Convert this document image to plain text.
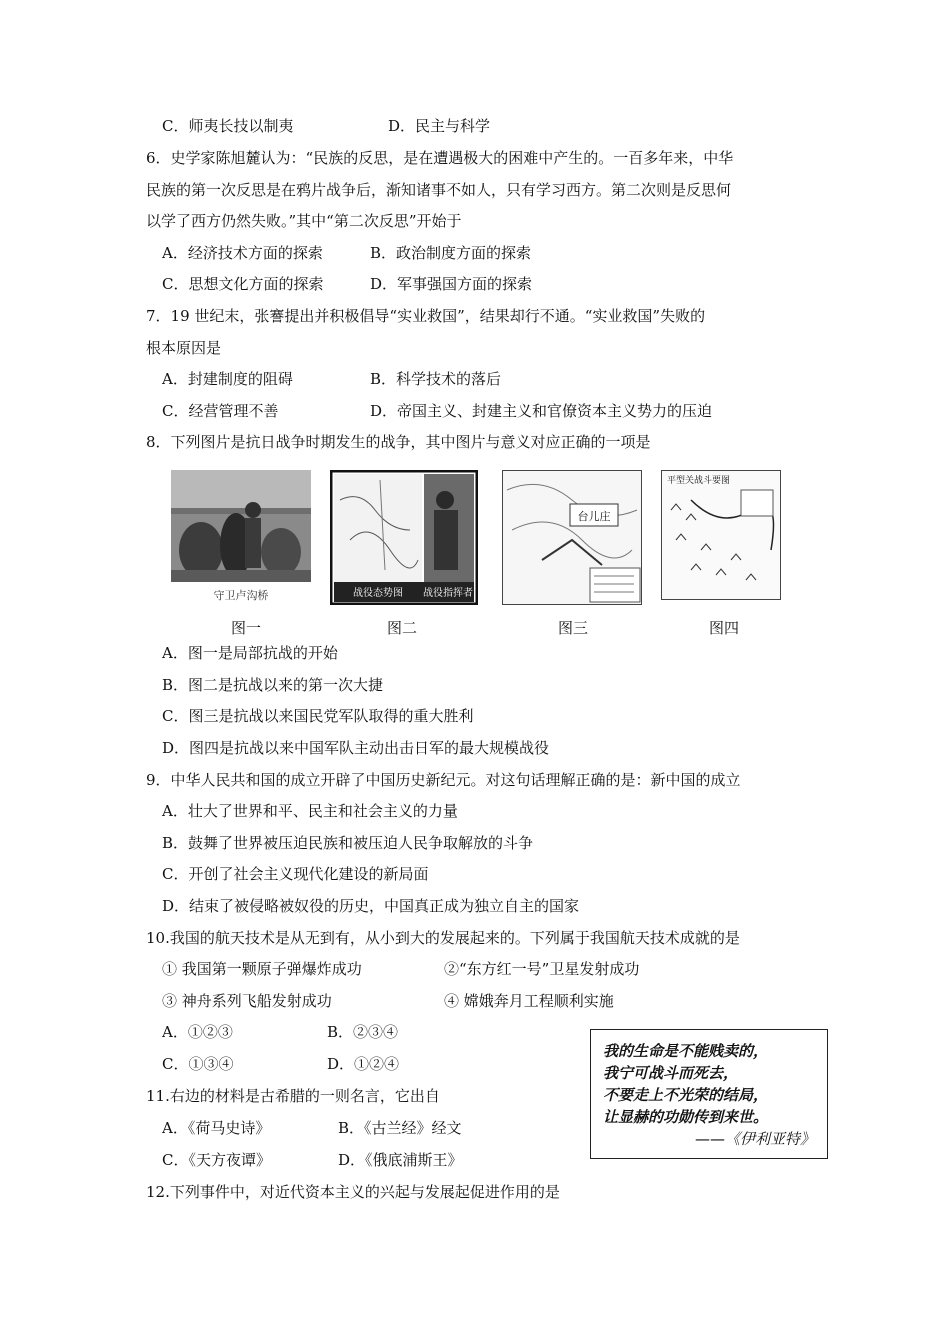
C．师夷长技以制夷	D．民主与科学
6．史学家陈旭麓认为：“民族的反思，是在遭遇极大的困难中产生的。一百多年来，中华
民族的第一次反思是在鸦片战争后，渐知诸事不如人，只有学习西方。第二次则是反思何
以学了西方仍然失败。”其中“第二次反思”开始于
A．经济技术方面的探索	B．政治制度方面的探索
C．思想文化方面的探索	D．军事强国方面的探索
7．19 世纪末，张謇提出并积极倡导“实业救国”，结果却行不通。“实业救国”失败的
根本原因是
A．封建制度的阻碍	B．科学技术的落后
C．经营管理不善	D．帝国主义、封建主义和官僚资本主义势力的压迫
8．下列图片是抗日战争时期发生的战争，其中图片与意义对应正确的一项是
守卫卢沟桥	战役态势图 战役指挥者
台儿庄
平型关战斗要图
图一	图二	图三	图四
A．图一是局部抗战的开始
B．图二是抗战以来的第一次大捷
C．图三是抗战以来国民党军队取得的重大胜利
D．图四是抗战以来中国军队主动出击日军的最大规模战役
9．中华人民共和国的成立开辟了中国历史新纪元。对这句话理解正确的是：新中国的成立
A．壮大了世界和平、民主和社会主义的力量
B．鼓舞了世界被压迫民族和被压迫人民争取解放的斗争
C．开创了社会主义现代化建设的新局面
D．结束了被侵略被奴役的历史，中国真正成为独立自主的国家
10.我国的航天技术是从无到有，从小到大的发展起来的。下列属于我国航天技术成就的是
① 我国第一颗原子弹爆炸成功	②“东方红一号”卫星发射成功
③ 神舟系列飞船发射成功	④ 嫦娥奔月工程顺利实施
A．①②③	B．②③④
C．①③④	D．①②④
我的生命是不能贱卖的，
我宁可战斗而死去，
不要走上不光荣的结局，
让显赫的功勋传到来世。
——《伊利亚特》
11.右边的材料是古希腊的一则名言，它出自
A．《荷马史诗》	B．《古兰经》经文
C．《天方夜谭》	D．《俄底浦斯王》
12.下列事件中，对近代资本主义的兴起与发展起促进作用的是
